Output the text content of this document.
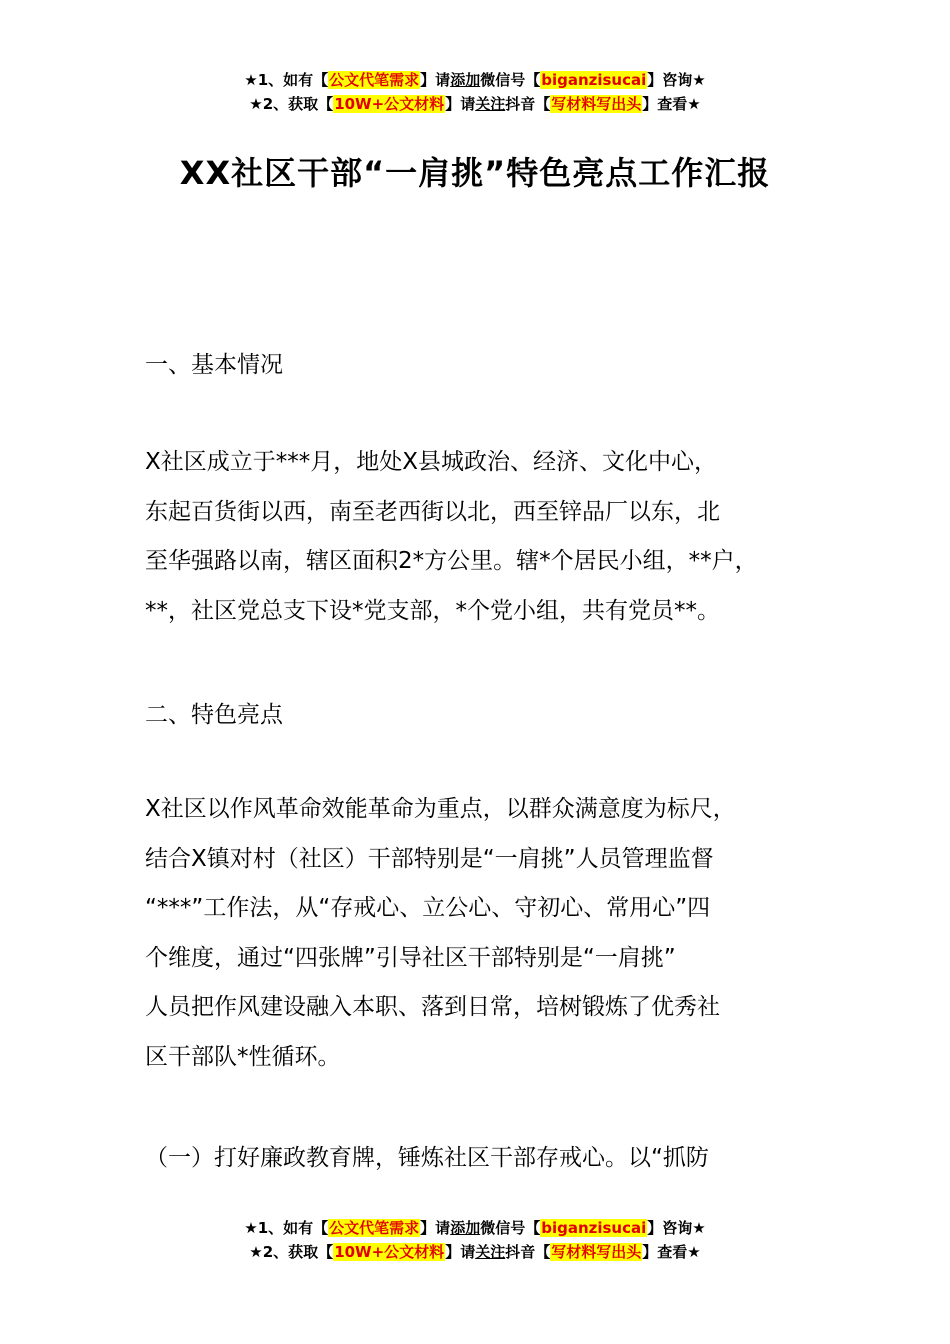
★1、如有【公文代笔需求】请添加微信号【biganzisucai】咨询★
★2、获取【10W+公文材料】请关注抖音【写材料写出头】查看★
XX社区干部“一肩挑”特色亮点工作汇报
一、基本情况
X社区成立于***月，地处X县城政治、经济、文化中心，
东起百货街以西，南至老西街以北，西至锌品厂以东，北
至华强路以南，辖区面积2*方公里。辖*个居民小组，**户，
**，社区党总支下设*党支部，*个党小组，共有党员**。
二、特色亮点
X社区以作风革命效能革命为重点，以群众满意度为标尺，
结合X镇对村（社区）干部特别是“一肩挑”人员管理监督
“***”工作法，从“存戒心、立公心、守初心、常用心”四
个维度，通过“四张牌”引导社区干部特别是“一肩挑”
人员把作风建设融入本职、落到日常，培树锻炼了优秀社
区干部队*性循环。
（一）打好廉政教育牌，锤炼社区干部存戒心。以“抓防
★1、如有【公文代笔需求】请添加微信号【biganzisucai】咨询★
★2、获取【10W+公文材料】请关注抖音【写材料写出头】查看★
